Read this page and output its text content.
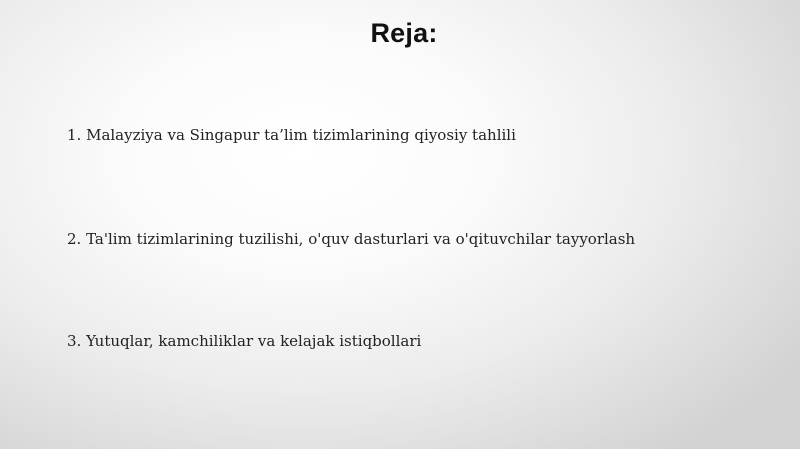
Reja:
1. Malayziya va Singapur ta’lim tizimlarining qiyosiy tahlili
2. Ta'lim tizimlarining tuzilishi, o'quv dasturlari va o'qituvchilar tayyorlash
3. Yutuqlar, kamchiliklar va kelajak istiqbollari
